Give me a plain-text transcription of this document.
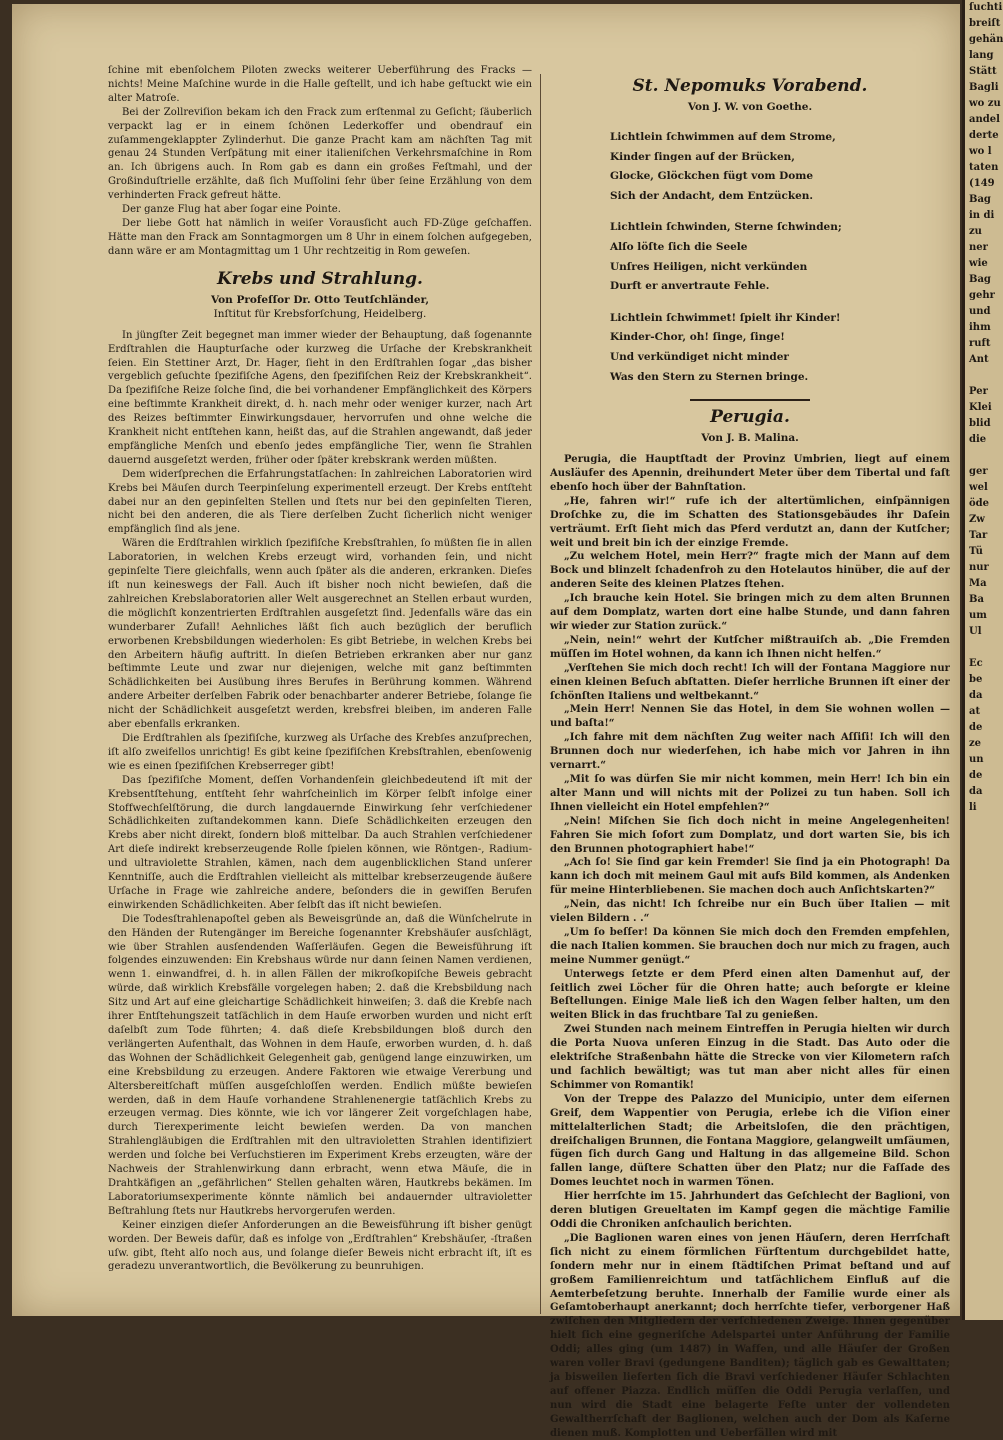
ſchine mit ebenſolchem Piloten zwecks weiterer Ueberführung des Fracks — nichts! Meine Maſchine wurde in die Halle geſtellt, und ich habe geſtuckt wie ein alter Matroſe.

Bei der Zollreviſion bekam ich den Frack zum erſtenmal zu Geſicht; ſäuberlich verpackt lag er in einem ſchönen Lederkoffer und obendrauf ein zuſammengeklappter Zylinderhut. Die ganze Pracht kam am nächſten Tag mit genau 24 Stunden Verſpätung mit einer italieniſchen Verkehrsmaſchine in Rom an. Ich übrigens auch. In Rom gab es dann ein großes Feſtmahl, und der Großinduſtrielle erzählte, daß ſich Muſſolini ſehr über ſeine Erzählung von dem verhinderten Frack gefreut hätte.

Der ganze Flug hat aber ſogar eine Pointe.

Der liebe Gott hat nämlich in weiſer Vorausſicht auch FD-Züge geſchaffen. Hätte man den Frack am Sonntagmorgen um 8 Uhr in einem ſolchen aufgegeben, dann wäre er am Montagmittag um 1 Uhr rechtzeitig in Rom geweſen.

Krebs und Strahlung.
Von Profeſſor Dr. Otto Teutſchländer,
Inſtitut für Krebsforſchung, Heidelberg.

In jüngſter Zeit begegnet man immer wieder der Behauptung, daß ſogenannte Erdſtrahlen die Haupturſache oder kurzweg die Urſache der Krebskrankheit ſeien. Ein Stettiner Arzt, Dr. Hager, ſieht in den Erdſtrahlen ſogar „das bisher vergeblich geſuchte ſpezifiſche Agens, den ſpezifiſchen Reiz der Krebskrankheit“. Da ſpezifiſche Reize ſolche ſind, die bei vorhandener Empfänglichkeit des Körpers eine beſtimmte Krankheit direkt, d. h. nach mehr oder weniger kurzer, nach Art des Reizes beſtimmter Einwirkungsdauer, hervorrufen und ohne welche die Krankheit nicht entſtehen kann, heißt das, auf die Strahlen angewandt, daß jeder empfängliche Menſch und ebenſo jedes empfängliche Tier, wenn ſie Strahlen dauernd ausgeſetzt werden, früher oder ſpäter krebskrank werden müßten.

Dem widerſprechen die Erfahrungstatſachen: In zahlreichen Laboratorien wird Krebs bei Mäuſen durch Teerpinſelung experimentell erzeugt. Der Krebs entſteht dabei nur an den gepinſelten Stellen und ſtets nur bei den gepinſelten Tieren, nicht bei den anderen, die als Tiere derſelben Zucht ſicherlich nicht weniger empfänglich ſind als jene.

Wären die Erdſtrahlen wirklich ſpezifiſche Krebsſtrahlen, ſo müßten ſie in allen Laboratorien, in welchen Krebs erzeugt wird, vorhanden ſein, und nicht gepinſelte Tiere gleichfalls, wenn auch ſpäter als die anderen, erkranken. Dieſes iſt nun keineswegs der Fall. Auch iſt bisher noch nicht bewieſen, daß die zahlreichen Krebslaboratorien aller Welt ausgerechnet an Stellen erbaut wurden, die möglichſt konzentrierten Erdſtrahlen ausgeſetzt ſind. Jedenfalls wäre das ein wunderbarer Zufall! Aehnliches läßt ſich auch bezüglich der beruflich erworbenen Krebsbildungen wiederholen: Es gibt Betriebe, in welchen Krebs bei den Arbeitern häufig auftritt. In dieſen Betrieben erkranken aber nur ganz beſtimmte Leute und zwar nur diejenigen, welche mit ganz beſtimmten Schädlichkeiten bei Ausübung ihres Berufes in Berührung kommen. Während andere Arbeiter derſelben Fabrik oder benachbarter anderer Betriebe, ſolange ſie nicht der Schädlichkeit ausgeſetzt werden, krebsfrei bleiben, im anderen Falle aber ebenfalls erkranken.

Die Erdſtrahlen als ſpezifiſche, kurzweg als Urſache des Krebſes anzuſprechen, iſt alſo zweifellos unrichtig! Es gibt keine ſpezifiſchen Krebsſtrahlen, ebenſowenig wie es einen ſpezifiſchen Krebserreger gibt!

Das ſpezifiſche Moment, deſſen Vorhandenſein gleichbedeutend iſt mit der Krebsentſtehung, entſteht ſehr wahrſcheinlich im Körper ſelbſt infolge einer Stoffwechſelſtörung, die durch langdauernde Einwirkung ſehr verſchiedener Schädlichkeiten zuſtandekommen kann. Dieſe Schädlichkeiten erzeugen den Krebs aber nicht direkt, ſondern bloß mittelbar. Da auch Strahlen verſchiedener Art dieſe indirekt krebserzeugende Rolle ſpielen können, wie Röntgen-, Radium- und ultraviolette Strahlen, kämen, nach dem augenblicklichen Stand unſerer Kenntniſſe, auch die Erdſtrahlen vielleicht als mittelbar krebserzeugende äußere Urſache in Frage wie zahlreiche andere, beſonders die in gewiſſen Berufen einwirkenden Schädlichkeiten. Aber ſelbſt das iſt nicht bewieſen.

Die Todesſtrahlenapoſtel geben als Beweisgründe an, daß die Wünſchelrute in den Händen der Rutengänger im Bereiche ſogenannter Krebshäuſer ausſchlägt, wie über Strahlen ausſendenden Waſſerläufen. Gegen die Beweisführung iſt folgendes einzuwenden: Ein Krebshaus würde nur dann ſeinen Namen verdienen, wenn 1. einwandfrei, d. h. in allen Fällen der mikroſkopiſche Beweis gebracht würde, daß wirklich Krebsfälle vorgelegen haben; 2. daß die Krebsbildung nach Sitz und Art auf eine gleichartige Schädlichkeit hinweiſen; 3. daß die Krebſe nach ihrer Entſtehungszeit tatſächlich in dem Hauſe erworben wurden und nicht erſt daſelbſt zum Tode führten; 4. daß dieſe Krebsbildungen bloß durch den verlängerten Aufenthalt, das Wohnen in dem Hauſe, erworben wurden, d. h. daß das Wohnen der Schädlichkeit Gelegenheit gab, genügend lange einzuwirken, um eine Krebsbildung zu erzeugen. Andere Faktoren wie etwaige Vererbung und Altersbereitſchaft müſſen ausgeſchloſſen werden. Endlich müßte bewieſen werden, daß in dem Hauſe vorhandene Strahlenenergie tatſächlich Krebs zu erzeugen vermag. Dies könnte, wie ich vor längerer Zeit vorgeſchlagen habe, durch Tierexperimente leicht bewieſen werden. Da von manchen Strahlengläubigen die Erdſtrahlen mit den ultravioletten Strahlen identifiziert werden und ſolche bei Verſuchstieren im Experiment Krebs erzeugten, wäre der Nachweis der Strahlenwirkung dann erbracht, wenn etwa Mäuſe, die in Drahtkäfigen an „gefährlichen“ Stellen gehalten wären, Hautkrebs bekämen. Im Laboratoriumsexperimente könnte nämlich bei andauernder ultravioletter Beſtrahlung ſtets nur Hautkrebs hervorgerufen werden.

Keiner einzigen dieſer Anforderungen an die Beweisführung iſt bisher genügt worden. Der Beweis dafür, daß es infolge von „Erdſtrahlen“ Krebshäuſer, -ſtraßen uſw. gibt, ſteht alſo noch aus, und ſolange dieſer Beweis nicht erbracht iſt, iſt es geradezu unverantwortlich, die Bevölkerung zu beunruhigen.

St. Nepomuks Vorabend.
Von J. W. von Goethe.
Lichtlein ſchwimmen auf dem Strome,
Kinder ſingen auf der Brücken,
Glocke, Glöckchen fügt vom Dome
Sich der Andacht, dem Entzücken.
Lichtlein ſchwinden, Sterne ſchwinden;
Alſo löſte ſich die Seele
Unſres Heiligen, nicht verkünden
Durft er anvertraute Fehle.
Lichtlein ſchwimmet! ſpielt ihr Kinder!
Kinder-Chor, oh! ſinge, ſinge!
Und verkündiget nicht minder
Was den Stern zu Sternen bringe.
Perugia.
Von J. B. Malina.

Perugia, die Hauptſtadt der Provinz Umbrien, liegt auf einem Ausläufer des Apennin, dreihundert Meter über dem Tibertal und faſt ebenſo hoch über der Bahnſtation.

„He, fahren wir!“ rufe ich der altertümlichen, einſpännigen Droſchke zu, die im Schatten des Stationsgebäudes ihr Daſein verträumt. Erſt ſieht mich das Pferd verdutzt an, dann der Kutſcher; weit und breit bin ich der einzige Fremde.

„Zu welchem Hotel, mein Herr?“ fragte mich der Mann auf dem Bock und blinzelt ſchadenfroh zu den Hotelautos hinüber, die auf der anderen Seite des kleinen Platzes ſtehen.

„Ich brauche kein Hotel. Sie bringen mich zu dem alten Brunnen auf dem Domplatz, warten dort eine halbe Stunde, und dann fahren wir wieder zur Station zurück.“

„Nein, nein!“ wehrt der Kutſcher mißtrauiſch ab. „Die Fremden müſſen im Hotel wohnen, da kann ich Ihnen nicht helfen.“

„Verſtehen Sie mich doch recht! Ich will der Fontana Maggiore nur einen kleinen Beſuch abſtatten. Dieſer herrliche Brunnen iſt einer der ſchönſten Italiens und weltbekannt.“

„Mein Herr! Nennen Sie das Hotel, in dem Sie wohnen wollen — und baſta!“

„Ich fahre mit dem nächſten Zug weiter nach Aſſiſi! Ich will den Brunnen doch nur wiederſehen, ich habe mich vor Jahren in ihn vernarrt.“

„Mit ſo was dürfen Sie mir nicht kommen, mein Herr! Ich bin ein alter Mann und will nichts mit der Polizei zu tun haben. Soll ich Ihnen vielleicht ein Hotel empfehlen?“

„Nein! Miſchen Sie ſich doch nicht in meine Angelegenheiten! Fahren Sie mich ſofort zum Domplatz, und dort warten Sie, bis ich den Brunnen photographiert habe!“

„Ach ſo! Sie ſind gar kein Fremder! Sie ſind ja ein Photograph! Da kann ich doch mit meinem Gaul mit aufs Bild kommen, als Andenken für meine Hinterbliebenen. Sie machen doch auch Anſichtskarten?“

„Nein, das nicht! Ich ſchreibe nur ein Buch über Italien — mit vielen Bildern . .“

„Um ſo beſſer! Da können Sie mich doch den Fremden empfehlen, die nach Italien kommen. Sie brauchen doch nur mich zu fragen, auch meine Nummer genügt.“

Unterwegs ſetzte er dem Pferd einen alten Damenhut auf, der ſeitlich zwei Löcher für die Ohren hatte; auch beſorgte er kleine Beſtellungen. Einige Male ließ ich den Wagen ſelber halten, um den weiten Blick in das fruchtbare Tal zu genießen.

Zwei Stunden nach meinem Eintreffen in Perugia hielten wir durch die Porta Nuova unſeren Einzug in die Stadt. Das Auto oder die elektriſche Straßenbahn hätte die Strecke von vier Kilometern raſch und ſachlich bewältigt; was tut man aber nicht alles für einen Schimmer von Romantik!

Von der Treppe des Palazzo del Municipio, unter dem eiſernen Greif, dem Wappentier von Perugia, erlebe ich die Viſion einer mittelalterlichen Stadt; die Arbeitsloſen, die den prächtigen, dreiſchaligen Brunnen, die Fontana Maggiore, gelangweilt umſäumen, fügen ſich durch Gang und Haltung in das allgemeine Bild. Schon fallen lange, düſtere Schatten über den Platz; nur die Faſſade des Domes leuchtet noch in warmen Tönen.

Hier herrſchte im 15. Jahrhundert das Geſchlecht der Baglioni, von deren blutigen Greueltaten im Kampf gegen die mächtige Familie Oddi die Chroniken anſchaulich berichten.

„Die Baglionen waren eines von jenen Häuſern, deren Herrſchaft ſich nicht zu einem förmlichen Fürſtentum durchgebildet hatte, ſondern mehr nur in einem ſtädtiſchen Primat beſtand und auf großem Familienreichtum und tatſächlichem Einfluß auf die Aemterbeſetzung beruhte. Innerhalb der Familie wurde einer als Geſamtoberhaupt anerkannt; doch herrſchte tiefer, verborgener Haß zwiſchen den Mitgliedern der verſchiedenen Zweige. Ihnen gegenüber hielt ſich eine gegneriſche Adelspartei unter Anführung der Familie Oddi; alles ging (um 1487) in Waffen, und alle Häuſer der Großen waren voller Bravi (gedungene Banditen); täglich gab es Gewalttaten; ja bisweilen lieferten ſich die Bravi verſchiedener Häuſer Schlachten auf offener Piazza. Endlich müſſen die Oddi Perugia verlaſſen, und nun wird die Stadt eine belagerte Feſte unter der vollendeten Gewaltherrſchaft der Baglionen, welchen auch der Dom als Kaſerne dienen muß. Komplotten und Ueberfällen wird mit

ſuchti
breiſt
gehän
lang
Stätt
Bagli
wo zu
andel
derte
wo l
taten
(149
Bag
in di
zu
ner
wie
Bag
gehr
und
ihm
ruft
Ant

Per
Klei
blid
die

ger
wel
öde
Zw
Tar
Tü
nur
Ma
Ba
um
Ul

Ec
be
da
at
de
ze
un
de
da
li
